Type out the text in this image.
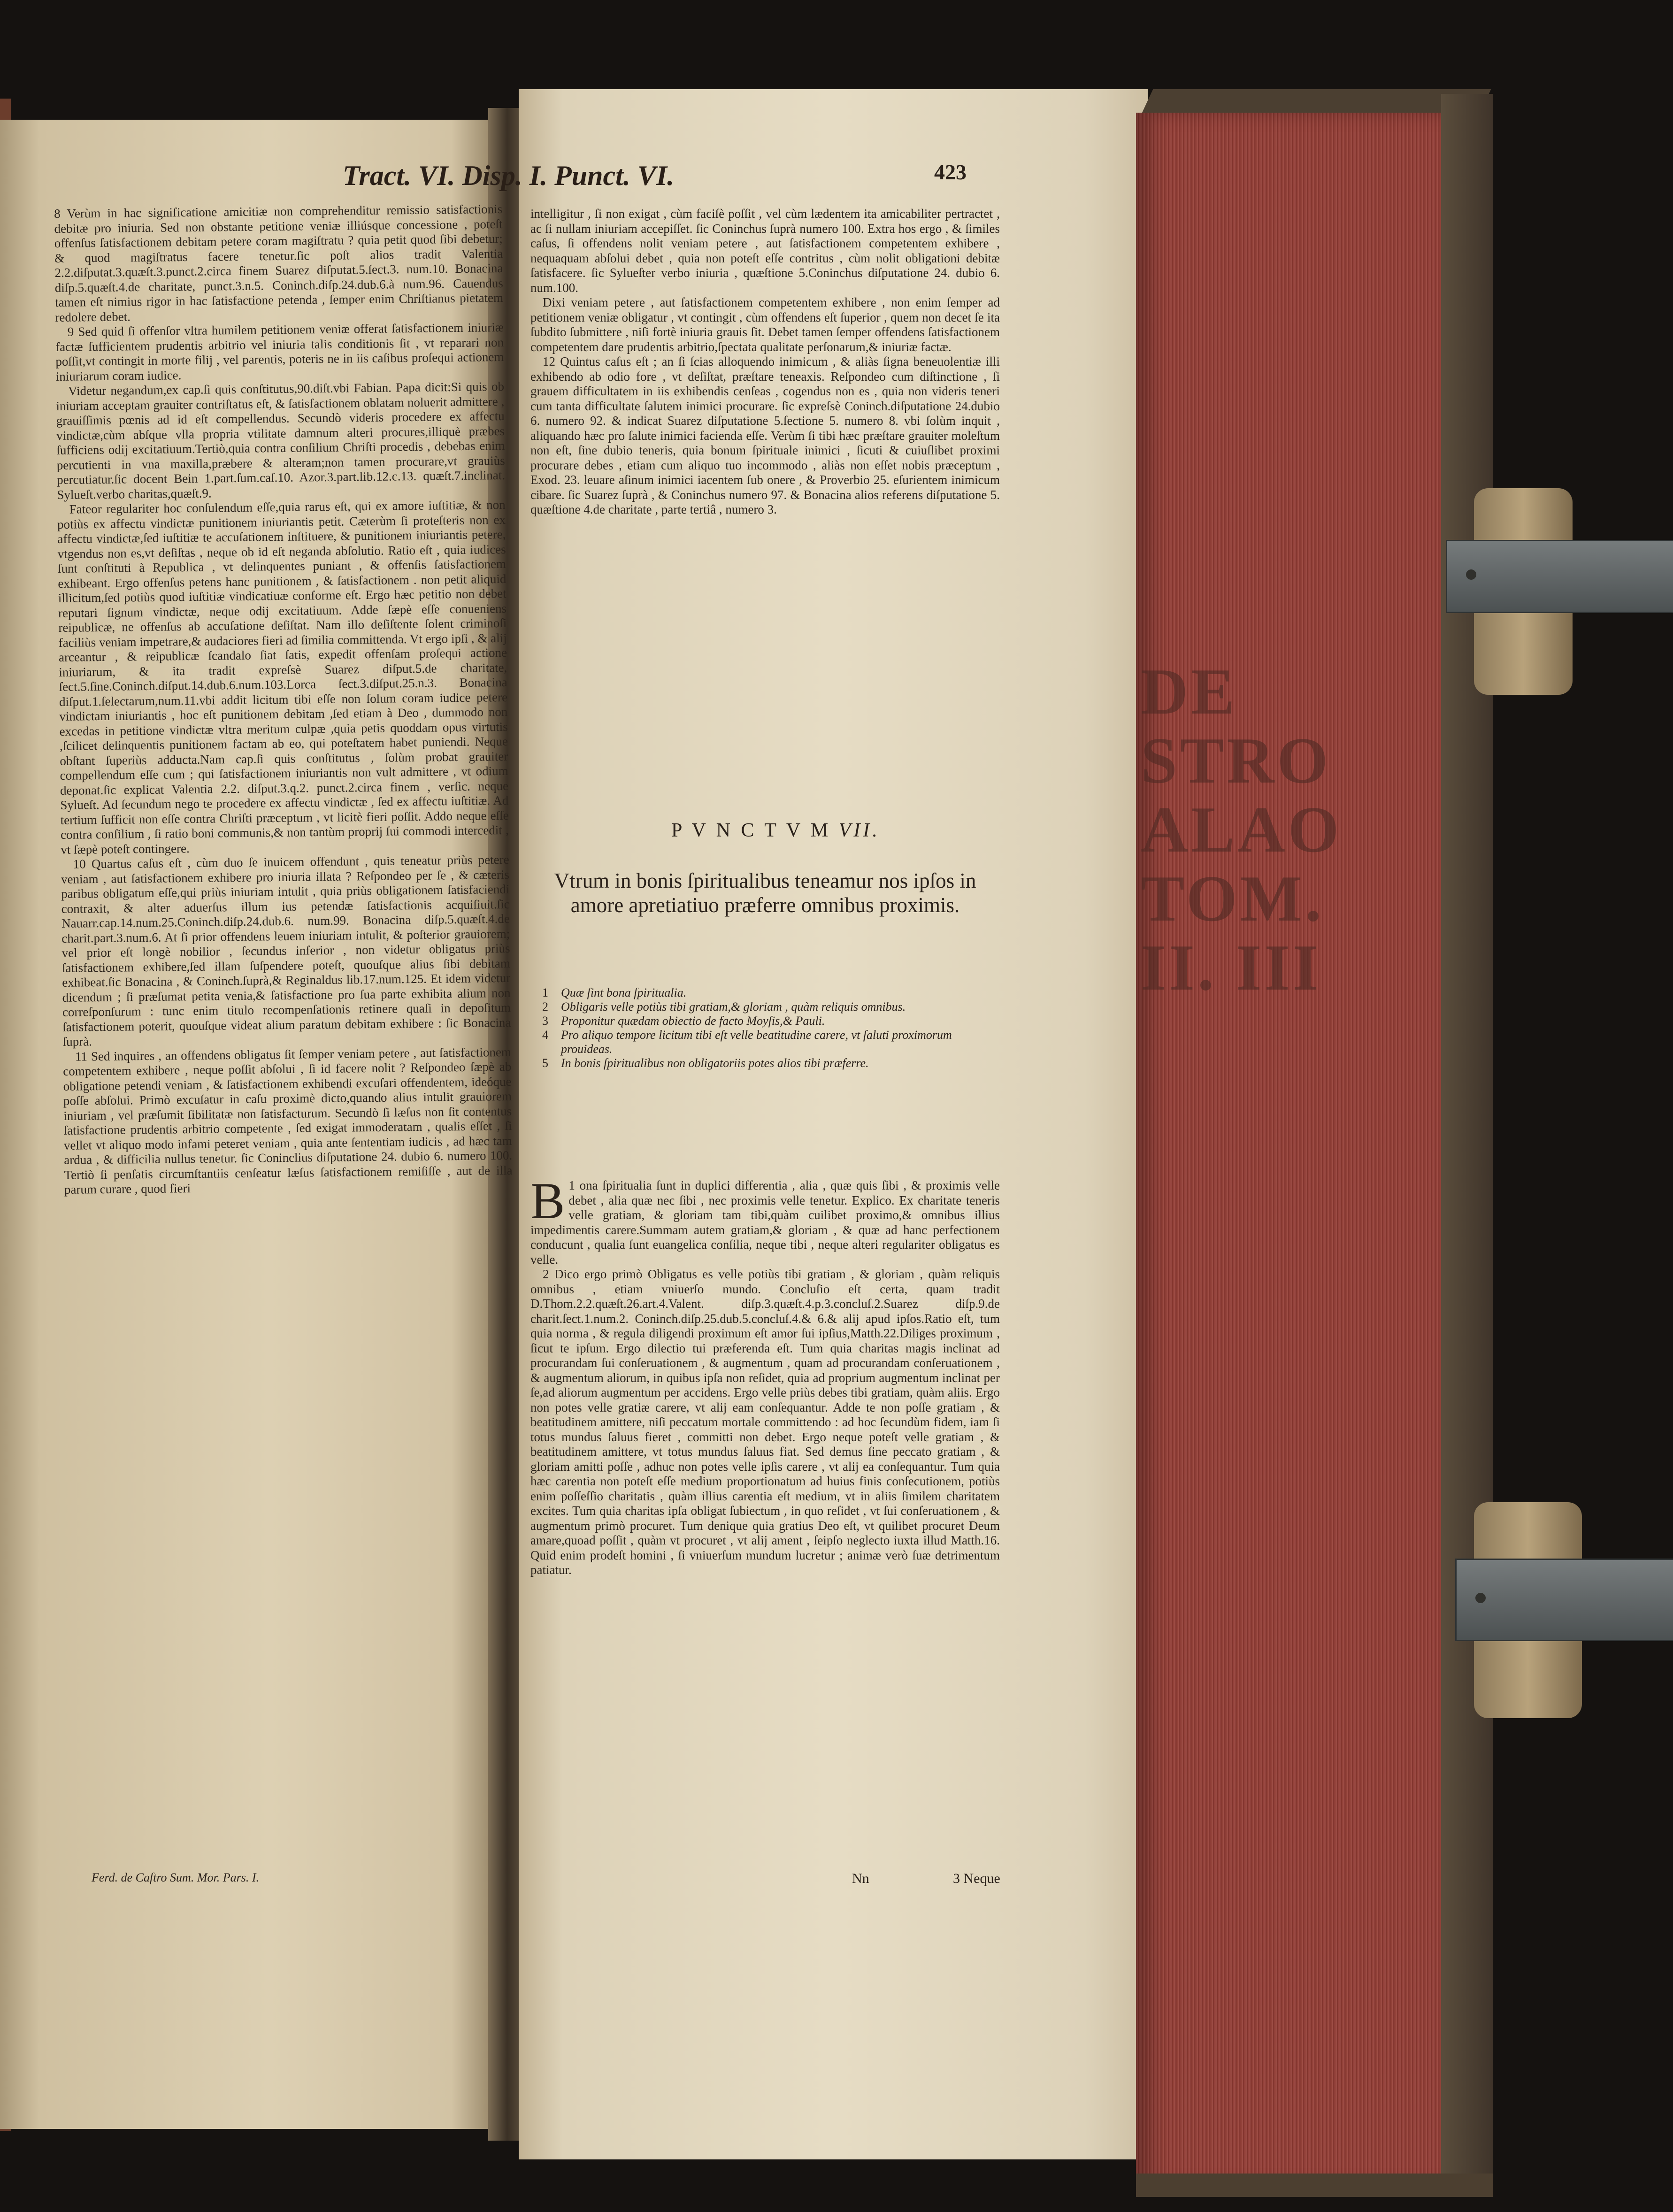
DE
STRO
ALAO
TOM.
II. III
Tract. VI. Disp. I. Punct. VI.	423

8 Verùm in hac significatione amicitiæ non comprehenditur remissio satisfactionis debitæ pro iniuria. Sed non obstante petitione veniæ illiúsque concessione , poteſt offenſus ſatisfactionem debitam petere coram magiſtratu ? quia petit quod ſibi debetur; & quod magiſtratus facere tenetur.ſic poſt alios tradit Valentia 2.2.diſputat.3.quæſt.3.punct.2.circa finem Suarez diſputat.5.ſect.3. num.10. Bonacina diſp.5.quæſt.4.de charitate, punct.3.n.5. Coninch.diſp.24.dub.6.à num.96. Cauendus tamen eſt nimius rigor in hac ſatisfactione petenda , ſemper enim Chriſtianus pietatem redolere debet.

9 Sed quid ſi offenſor vltra humilem petitionem veniæ offerat ſatisfactionem iniuriæ factæ ſufficientem prudentis arbitrio vel iniuria talis conditionis ſit , vt reparari non poſſit,vt contingit in morte filij , vel parentis, poteris ne in iis caſibus proſequi actionem iniuriarum coram iudice.

Videtur negandum,ex cap.ſi quis conſtitutus,90.diſt.vbi Fabian. Papa dicit:Si quis ob iniuriam acceptam grauiter contriſtatus eſt, & ſatisfactionem oblatam noluerit admittere , grauiſſimis pœnis ad id eſt compellendus. Secundò videris procedere ex affectu vindictæ,cùm abſque vlla propria vtilitate damnum alteri procures,illiquè præbes ſufficiens odij excitatiuum.Tertiò,quia contra conſilium Chriſti procedis , debebas enim percutienti in vna maxilla,præbere & alteram;non tamen procurare,vt grauiùs percutiatur.ſic docent Bein 1.part.ſum.caſ.10. Azor.3.part.lib.12.c.13. quæſt.7.inclinat. Sylueſt.verbo charitas,quæſt.9.

Fateor regulariter hoc conſulendum eſſe,quia rarus eſt, qui ex amore iuſtitiæ, & non potiùs ex affectu vindictæ punitionem iniuriantis petit. Cæterùm ſi proteſteris non ex affectu vindictæ,ſed iuſtitiæ te accuſationem inſtituere, & punitionem iniuriantis petere, vtgendus non es,vt deſiſtas , neque ob id eſt neganda abſolutio. Ratio eſt , quia iudices ſunt conſtituti à Republica , vt delinquentes puniant , & offenſis ſatisfactionem exhibeant. Ergo offenſus petens hanc punitionem , & ſatisfactionem . non petit aliquid illicitum,ſed potiùs quod iuſtitiæ vindicatiuæ conforme eſt. Ergo hæc petitio non debet reputari ſignum vindictæ, neque odij excitatiuum. Adde ſæpè eſſe conueniens reipublicæ, ne offenſus ab accuſatione deſiſtat. Nam illo deſiſtente ſolent criminoſi faciliùs veniam impetrare,& audaciores fieri ad ſimilia committenda. Vt ergo ipſi , & alij arceantur , & reipublicæ ſcandalo ſiat ſatis, expedit offenſam proſequi actione iniuriarum, & ita tradit expreſsè Suarez diſput.5.de charitate, ſect.5.ſine.Coninch.diſput.14.dub.6.num.103.Lorca ſect.3.diſput.25.n.3. Bonacina diſput.1.ſelectarum,num.11.vbi addit licitum tibi eſſe non ſolum coram iudice petere vindictam iniuriantis , hoc eſt punitionem debitam ,ſed etiam à Deo , dummodo non excedas in petitione vindictæ vltra meritum culpæ ,quia petis quoddam opus virtutis ,ſcilicet delinquentis punitionem factam ab eo, qui poteſtatem habet puniendi. Neque obſtant ſuperiùs adducta.Nam cap.ſi quis conſtitutus , ſolùm probat grauiter compellendum eſſe cum ; qui ſatisfactionem iniuriantis non vult admittere , vt odium deponat.ſic explicat Valentia 2.2. diſput.3.q.2. punct.2.circa finem , verſic. neque Sylueſt. Ad ſecundum nego te procedere ex affectu vindictæ , ſed ex affectu iuſtitiæ. Ad tertium ſufficit non eſſe contra Chriſti præceptum , vt licitè fieri poſſit. Addo neque eſſe contra conſilium , ſi ratio boni communis,& non tantùm proprij ſui commodi intercedit , vt ſæpè poteſt contingere.

10 Quartus caſus eſt , cùm duo ſe inuicem offendunt , quis teneatur priùs petere veniam , aut ſatisfactionem exhibere pro iniuria illata ? Reſpondeo per ſe , & cæteris paribus obligatum eſſe,qui priùs iniuriam intulit , quia priùs obligationem ſatisfaciendi contraxit, & alter aduerſus illum ius petendæ ſatisfactionis acquiſiuit.ſic Nauarr.cap.14.num.25.Coninch.diſp.24.dub.6. num.99. Bonacina diſp.5.quæſt.4.de charit.part.3.num.6. At ſi prior offendens leuem iniuriam intulit, & poſterior grauiorem; vel prior eſt longè nobilior , ſecundus inferior , non videtur obligatus priùs ſatisfactionem exhibere,ſed illam ſuſpendere poteſt, quouſque alius ſibi debitam exhibeat.ſic Bonacina , & Coninch.ſuprà,& Reginaldus lib.17.num.125. Et idem videtur dicendum ; ſi præſumat petita venia,& ſatisfactione pro ſua parte exhibita alium non correſponſurum : tunc enim titulo recompenſationis retinere quaſi in depoſitum ſatisfactionem poterit, quouſque videat alium paratum debitam exhibere : ſic Bonacina ſuprà.

11 Sed inquires , an offendens obligatus ſit ſemper veniam petere , aut ſatisfactionem competentem exhibere , neque poſſit abſolui , ſi id facere nolit ? Reſpondeo ſæpè ab obligatione petendi veniam , & ſatisfactionem exhibendi excuſari offendentem, ideóque poſſe abſolui. Primò excuſatur in caſu proximè dicto,quando alius intulit grauiorem iniuriam , vel præſumit ſibilitatæ non ſatisfacturum. Secundò ſi læſus non ſit contentus ſatisfactione prudentis arbitrio competente , ſed exigat immoderatam , qualis eſſet , ſi vellet vt aliquo modo infami peteret veniam , quia ante ſententiam iudicis , ad hæc tam ardua , & difficilia nullus tenetur. ſic Coninclius diſputatione 24. dubio 6. numero 100. Tertiò ſi penſatis circumſtantiis cenſeatur læſus ſatisfactionem remiſiſſe , aut de illa parum curare , quod fieri

Ferd. de Caſtro Sum. Mor. Pars. I.

intelligitur , ſi non exigat , cùm faciſè poſſit , vel cùm lædentem ita amicabiliter pertractet , ac ſi nullam iniuriam accepiſſet. ſic Coninchus ſuprà numero 100. Extra hos ergo , & ſimiles caſus, ſi offendens nolit veniam petere , aut ſatisfactionem competentem exhibere , nequaquam abſolui debet , quia non poteſt eſſe contritus , cùm nolit obligationi debitæ ſatisfacere. ſic Sylueſter verbo iniuria , quæſtione 5.Coninchus diſputatione 24. dubio 6. num.100.

Dixi veniam petere , aut ſatisfactionem competentem exhibere , non enim ſemper ad petitionem veniæ obligatur , vt contingit , cùm offendens eſt ſuperior , quem non decet ſe ita ſubdito ſubmittere , niſi fortè iniuria grauis ſit. Debet tamen ſemper offendens ſatisfactionem competentem dare prudentis arbitrio,ſpectata qualitate perſonarum,& iniuriæ factæ.

12 Quintus caſus eſt ; an ſi ſcias alloquendo inimicum , & aliàs ſigna beneuolentiæ illi exhibendo ab odio fore , vt deſiſtat, præſtare teneaxis. Reſpondeo cum diſtinctione , ſi grauem difficultatem in iis exhibendis cenſeas , cogendus non es , quia non videris teneri cum tanta difficultate ſalutem inimici procurare. ſic expreſsè Coninch.diſputatione 24.dubio 6. numero 92. & indicat Suarez diſputatione 5.ſectione 5. numero 8. vbi ſolùm inquit , aliquando hæc pro ſalute inimici facienda eſſe. Verùm ſi tibi hæc præſtare grauiter moleſtum non eſt, ſine dubio teneris, quia bonum ſpirituale inimici , ſicuti & cuiuſlibet proximi procurare debes , etiam cum aliquo tuo incommodo , aliàs non eſſet nobis præceptum , Exod. 23. leuare aſinum inimici iacentem ſub onere , & Proverbio 25. eſurientem inimicum cibare. ſic Suarez ſuprà , & Coninchus numero 97. & Bonacina alios referens diſputatione 5. quæſtione 4.de charitate , parte tertiâ , numero 3.

P V N C T V M VII.
Vtrum in bonis ſpiritualibus teneamur nos ipſos in amore apretiatiuo præferre omnibus proximis.
1	Quæ ſint bona ſpiritualia.
2	Obligaris velle potiùs tibi gratiam,& gloriam , quàm reliquis omnibus.
3	Proponitur quædam obiectio de facto Moyſis,& Pauli.
4	Pro aliquo tempore licitum tibi eſt velle beatitudine carere, vt ſaluti proximorum prouideas.
5	In bonis ſpiritualibus non obligatoriis potes alios tibi præferre.

B 1 ona ſpiritualia ſunt in duplici differentia , alia , quæ quis ſibi , & proximis velle debet , alia quæ nec ſibi , nec proximis velle tenetur. Explico. Ex charitate teneris velle gratiam, & gloriam tam tibi,quàm cuilibet proximo,& omnibus illius impedimentis carere.Summam autem gratiam,& gloriam , & quæ ad hanc perfectionem conducunt , qualia ſunt euangelica conſilia, neque tibi , neque alteri regulariter obligatus es velle.

2 Dico ergo primò Obligatus es velle potiùs tibi gratiam , & gloriam , quàm reliquis omnibus , etiam vniuerſo mundo. Concluſio eſt certa, quam tradit D.Thom.2.2.quæſt.26.art.4.Valent. diſp.3.quæſt.4.p.3.concluſ.2.Suarez diſp.9.de charit.ſect.1.num.2. Coninch.diſp.25.dub.5.concluſ.4.& 6.& alij apud ipſos.Ratio eſt, tum quia norma , & regula diligendi proximum eſt amor ſui ipſius,Matth.22.Diliges proximum , ſicut te ipſum. Ergo dilectio tui præferenda eſt. Tum quia charitas magis inclinat ad procurandam ſui conſeruationem , & augmentum , quam ad procurandam conſeruationem , & augmentum aliorum, in quibus ipſa non reſidet, quia ad proprium augmentum inclinat per ſe,ad aliorum augmentum per accidens. Ergo velle priùs debes tibi gratiam, quàm aliis. Ergo non potes velle gratiæ carere, vt alij eam conſequantur. Adde te non poſſe gratiam , & beatitudinem amittere, niſi peccatum mortale committendo : ad hoc ſecundùm fidem, iam ſi totus mundus ſaluus fieret , committi non debet. Ergo neque poteſt velle gratiam , & beatitudinem amittere, vt totus mundus ſaluus fiat. Sed demus ſine peccato gratiam , & gloriam amitti poſſe , adhuc non potes velle ipſis carere , vt alij ea conſequantur. Tum quia hæc carentia non poteſt eſſe medium proportionatum ad huius finis conſecutionem, potiùs enim poſſeſſio charitatis , quàm illius carentia eſt medium, vt in aliis ſimilem charitatem excites. Tum quia charitas ipſa obligat ſubiectum , in quo reſidet , vt ſui conſeruationem , & augmentum primò procuret. Tum denique quia gratius Deo eſt, vt quilibet procuret Deum amare,quoad poſſit , quàm vt procuret , vt alij ament , ſeipſo neglecto iuxta illud Matth.16. Quid enim prodeſt homini , ſi vniuerſum mundum lucretur ; animæ verò ſuæ detrimentum patiatur.

Nn	3 Neque
